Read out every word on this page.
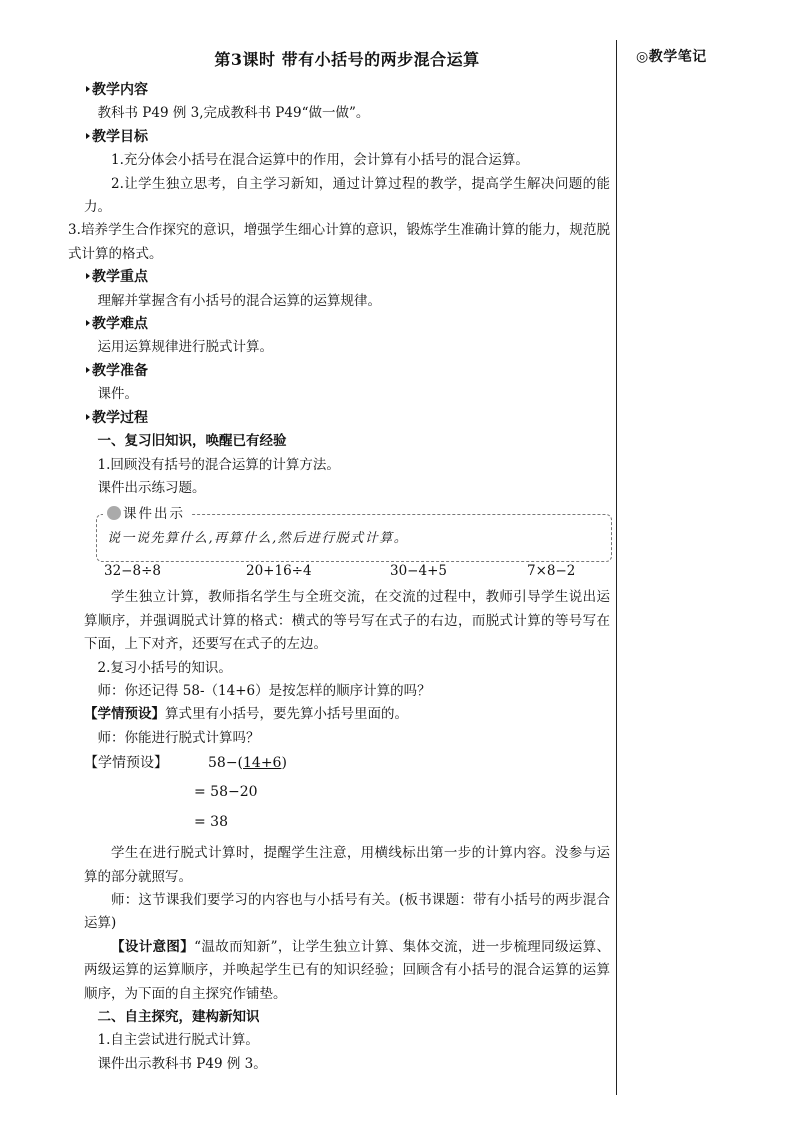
◎教学笔记
第3课时 带有小括号的两步混合运算
教学内容

教科书 P49 例 3,完成教科书 P49“做一做”。

教学目标

1.充分体会小括号在混合运算中的作用，会计算有小括号的混合运算。

2.让学生独立思考，自主学习新知，通过计算过程的教学，提高学生解决问题的能力。

3.培养学生合作探究的意识，增强学生细心计算的意识，锻炼学生准确计算的能力，规范脱式计算的格式。

教学重点

理解并掌握含有小括号的混合运算的运算规律。

教学难点

运用运算规律进行脱式计算。

教学准备

课件。

教学过程

一、复习旧知识，唤醒已有经验

1.回顾没有括号的混合运算的计算方法。

课件出示练习题。

课件出示
说一说先算什么,再算什么,然后进行脱式计算。
32−8÷8	20+16÷4	30−4+5	7×8−2

学生独立计算，教师指名学生与全班交流，在交流的过程中，教师引导学生说出运算顺序，并强调脱式计算的格式：横式的等号写在式子的右边，而脱式计算的等号写在下面，上下对齐，还要写在式子的左边。

2.复习小括号的知识。

师：你还记得 58-（14+6）是按怎样的顺序计算的吗？

【学情预设】算式里有小括号，要先算小括号里面的。

师：你能进行脱式计算吗？

【学情预设】	58−(14+6)
= 58−20
= 38

学生在进行脱式计算时，提醒学生注意，用横线标出第一步的计算内容。没参与运算的部分就照写。

师：这节课我们要学习的内容也与小括号有关。(板书课题：带有小括号的两步混合运算)

【设计意图】“温故而知新”，让学生独立计算、集体交流，进一步梳理同级运算、两级运算的运算顺序，并唤起学生已有的知识经验；回顾含有小括号的混合运算的运算顺序，为下面的自主探究作铺垫。

二、自主探究，建构新知识

1.自主尝试进行脱式计算。

课件出示教科书 P49 例 3。
